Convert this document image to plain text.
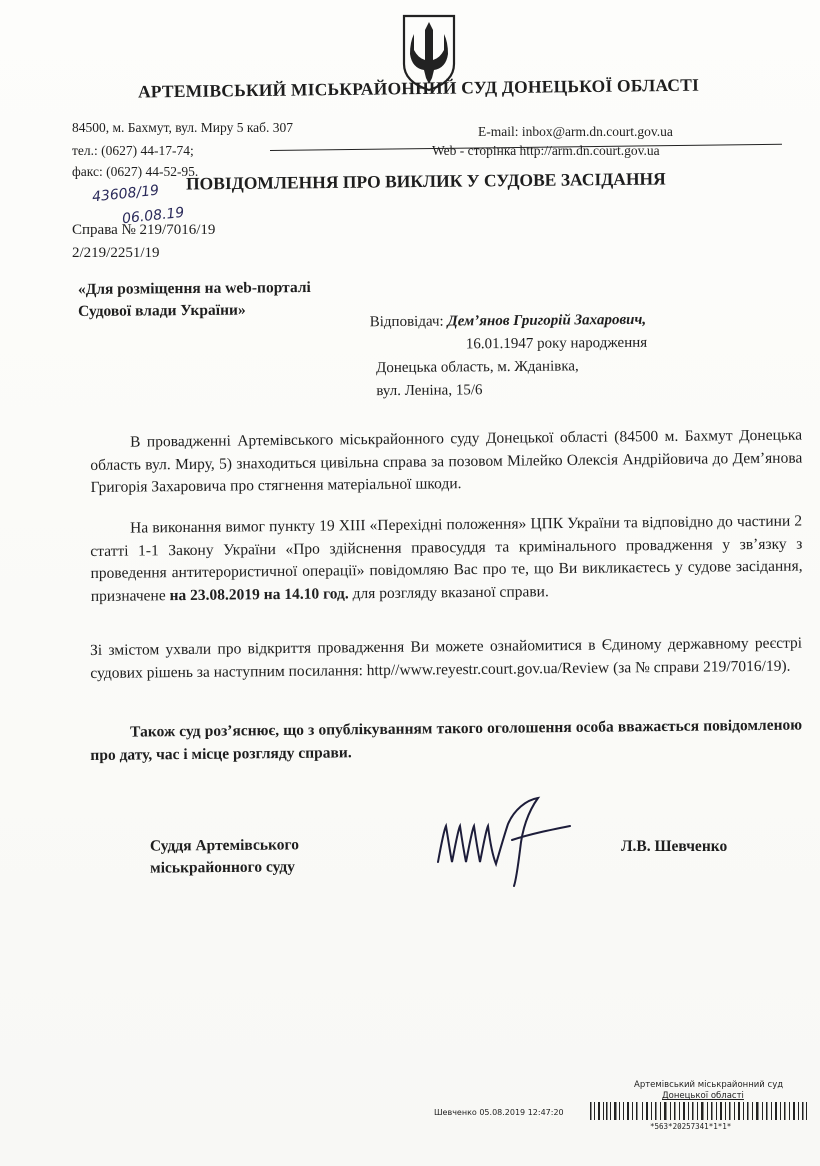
АРТЕМІВСЬКИЙ МІСЬКРАЙОННИЙ СУД ДОНЕЦЬКОЇ ОБЛАСТІ
84500, м. Бахмут, вул. Миру 5 каб. 307
тел.: (0627) 44-17-74;
факс: (0627) 44-52-95.
E-mail: inbox@arm.dn.court.gov.ua
Web - сторінка http://arm.dn.court.gov.ua
43608/19
06.08.19
ПОВІДОМЛЕННЯ ПРО ВИКЛИК У СУДОВЕ ЗАСІДАННЯ
Справа № 219/7016/19
2/219/2251/19
«Для розміщення на web-порталі
Судової влади України»
Відповідач: Дем’янов Григорій Захарович,
16.01.1947 року народження
Донецька область, м. Жданівка,
вул. Леніна, 15/6
В провадженні Артемівського міськрайонного суду Донецької області (84500 м. Бахмут Донецька область вул. Миру, 5) знаходиться цивільна справа за позовом Мілейко Олексія Андрійовича до Дем’янова Григорія Захаровича про стягнення матеріальної шкоди.
На виконання вимог пункту 19 XIII «Перехідні положення» ЦПК України та відповідно до частини 2 статті 1-1 Закону України «Про здійснення правосуддя та кримінального провадження у зв’язку з проведення антитерористичної операції» повідомляю Вас про те, що Ви викликаєтесь у судове засідання, призначене на 23.08.2019 на 14.10 год. для розгляду вказаної справи.
Зі змістом ухвали про відкриття провадження Ви можете ознайомитися в Єдиному державному реєстрі судових рішень за наступним посилання: http//www.reyestr.court.gov.ua/Review (за № справи 219/7016/19).
Також суд роз’яснює, що з опублікуванням такого оголошення особа вважається повідомленою про дату, час і місце розгляду справи.
Суддя Артемівського
міськрайонного суду
Л.В. Шевченко
Артемівський міськрайонний суд
Донецької області
Шевченко 05.08.2019 12:47:20
*563*20257341*1*1*
